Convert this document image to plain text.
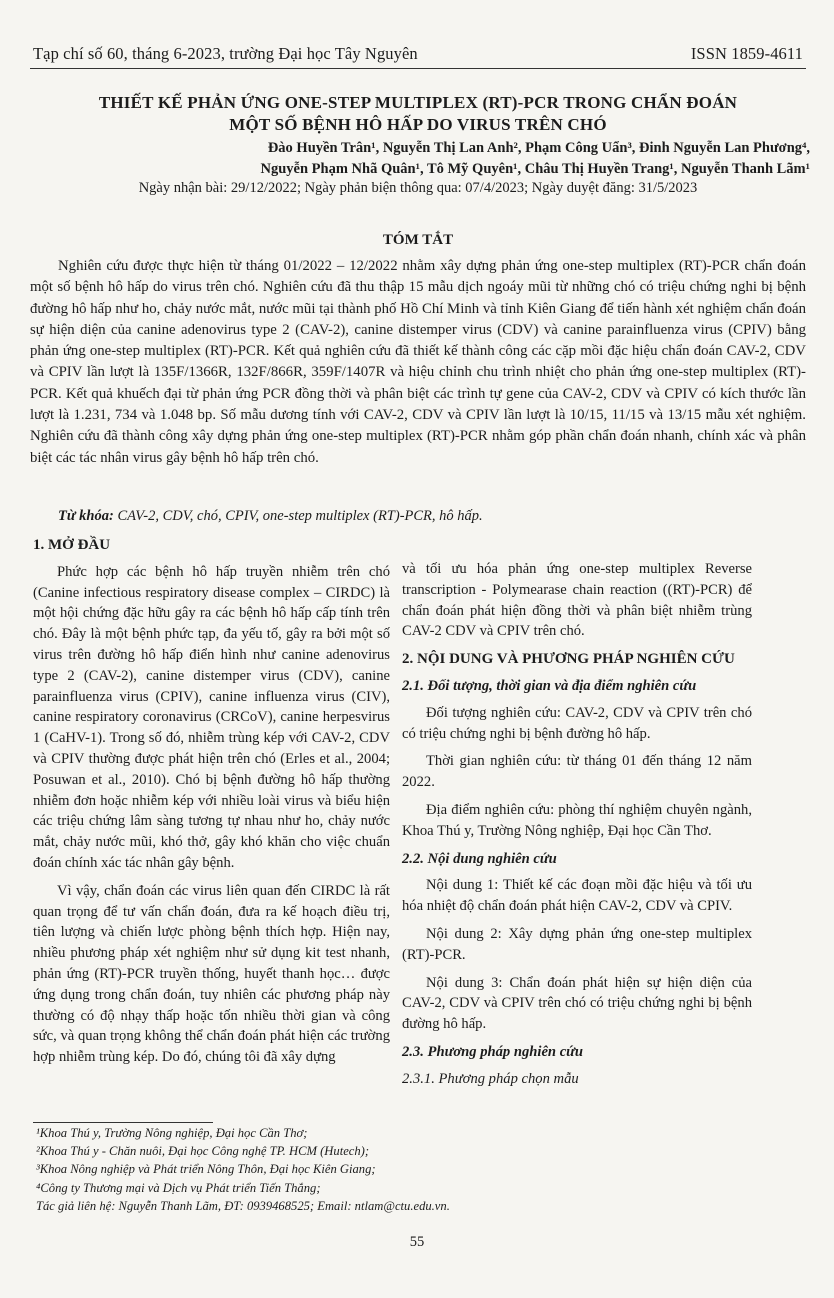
Tạp chí số 60, tháng 6-2023, trường Đại học Tây Nguyên	ISSN 1859-4611
THIẾT KẾ PHẢN ỨNG ONE-STEP MULTIPLEX (RT)-PCR TRONG CHẨN ĐOÁN
MỘT SỐ BỆNH HÔ HẤP DO VIRUS TRÊN CHÓ
Đào Huyền Trân¹, Nguyễn Thị Lan Anh², Phạm Công Uẩn³, Đinh Nguyễn Lan Phương⁴,
Nguyễn Phạm Nhã Quân¹, Tô Mỹ Quyên¹, Châu Thị Huyền Trang¹, Nguyễn Thanh Lãm¹
Ngày nhận bài: 29/12/2022; Ngày phản biện thông qua: 07/4/2023; Ngày duyệt đăng: 31/5/2023
TÓM TẮT
Nghiên cứu được thực hiện từ tháng 01/2022 – 12/2022 nhằm xây dựng phản ứng one-step multiplex (RT)-PCR chẩn đoán một số bệnh hô hấp do virus trên chó. Nghiên cứu đã thu thập 15 mẫu dịch ngoáy mũi từ những chó có triệu chứng nghi bị bệnh đường hô hấp như ho, chảy nước mắt, nước mũi tại thành phố Hồ Chí Minh và tỉnh Kiên Giang để tiến hành xét nghiệm chẩn đoán sự hiện diện của canine adenovirus type 2 (CAV-2), canine distemper virus (CDV) và canine parainfluenza virus (CPIV) bằng phản ứng one-step multiplex (RT)-PCR. Kết quả nghiên cứu đã thiết kế thành công các cặp mồi đặc hiệu chẩn đoán CAV-2, CDV và CPIV lần lượt là 135F/1366R, 132F/866R, 359F/1407R và hiệu chỉnh chu trình nhiệt cho phản ứng one-step multiplex (RT)-PCR. Kết quả khuếch đại từ phản ứng PCR đồng thời và phân biệt các trình tự gene của CAV-2, CDV và CPIV có kích thước lần lượt là 1.231, 734 và 1.048 bp. Số mẫu dương tính với CAV-2, CDV và CPIV lần lượt là 10/15, 11/15 và 13/15 mẫu xét nghiệm. Nghiên cứu đã thành công xây dựng phản ứng one-step multiplex (RT)-PCR nhằm góp phần chẩn đoán nhanh, chính xác và phân biệt các tác nhân virus gây bệnh hô hấp trên chó.
Từ khóa: CAV-2, CDV, chó, CPIV, one-step multiplex (RT)-PCR, hô hấp.
1. MỞ ĐẦU

Phức hợp các bệnh hô hấp truyền nhiễm trên chó (Canine infectious respiratory disease complex – CIRDC) là một hội chứng đặc hữu gây ra các bệnh hô hấp cấp tính trên chó. Đây là một bệnh phức tạp, đa yếu tố, gây ra bởi một số virus trên đường hô hấp điển hình như canine adenovirus type 2 (CAV-2), canine distemper virus (CDV), canine parainfluenza virus (CPIV), canine influenza virus (CIV), canine respiratory coronavirus (CRCoV), canine herpesvirus 1 (CaHV-1). Trong số đó, nhiễm trùng kép với CAV-2, CDV và CPIV thường được phát hiện trên chó (Erles et al., 2004; Posuwan et al., 2010). Chó bị bệnh đường hô hấp thường nhiễm đơn hoặc nhiễm kép với nhiều loài virus và biểu hiện các triệu chứng lâm sàng tương tự nhau như ho, chảy nước mắt, chảy nước mũi, khó thở, gây khó khăn cho việc chuẩn đoán chính xác tác nhân gây bệnh.

Vì vậy, chẩn đoán các virus liên quan đến CIRDC là rất quan trọng để tư vấn chẩn đoán, đưa ra kế hoạch điều trị, tiên lượng và chiến lược phòng bệnh thích hợp. Hiện nay, nhiều phương pháp xét nghiệm như sử dụng kit test nhanh, phản ứng (RT)-PCR truyền thống, huyết thanh học… được ứng dụng trong chẩn đoán, tuy nhiên các phương pháp này thường có độ nhạy thấp hoặc tốn nhiều thời gian và công sức, và quan trọng không thể chẩn đoán phát hiện các trường hợp nhiễm trùng kép. Do đó, chúng tôi đã xây dựng

và tối ưu hóa phản ứng one-step multiplex Reverse transcription - Polymearase chain reaction ((RT)-PCR) để chẩn đoán phát hiện đồng thời và phân biệt nhiễm trùng CAV-2 CDV và CPIV trên chó.

2. NỘI DUNG VÀ PHƯƠNG PHÁP NGHIÊN CỨU
2.1. Đối tượng, thời gian và địa điểm nghiên cứu

Đối tượng nghiên cứu: CAV-2, CDV và CPIV trên chó có triệu chứng nghi bị bệnh đường hô hấp.

Thời gian nghiên cứu: từ tháng 01 đến tháng 12 năm 2022.

Địa điểm nghiên cứu: phòng thí nghiệm chuyên ngành, Khoa Thú y, Trường Nông nghiệp, Đại học Cần Thơ.

2.2. Nội dung nghiên cứu

Nội dung 1: Thiết kế các đoạn mồi đặc hiệu và tối ưu hóa nhiệt độ chẩn đoán phát hiện CAV-2, CDV và CPIV.

Nội dung 2: Xây dựng phản ứng one-step multiplex (RT)-PCR.

Nội dung 3: Chẩn đoán phát hiện sự hiện diện của CAV-2, CDV và CPIV trên chó có triệu chứng nghi bị bệnh đường hô hấp.

2.3. Phương pháp nghiên cứu
2.3.1. Phương pháp chọn mẫu
¹Khoa Thú y, Trường Nông nghiệp, Đại học Cần Thơ;
²Khoa Thú y - Chăn nuôi, Đại học Công nghệ TP. HCM (Hutech);
³Khoa Nông nghiệp và Phát triển Nông Thôn, Đại học Kiên Giang;
⁴Công ty Thương mại và Dịch vụ Phát triển Tiến Thắng;
Tác giả liên hệ: Nguyễn Thanh Lãm, ĐT: 0939468525; Email: ntlam@ctu.edu.vn.
55
